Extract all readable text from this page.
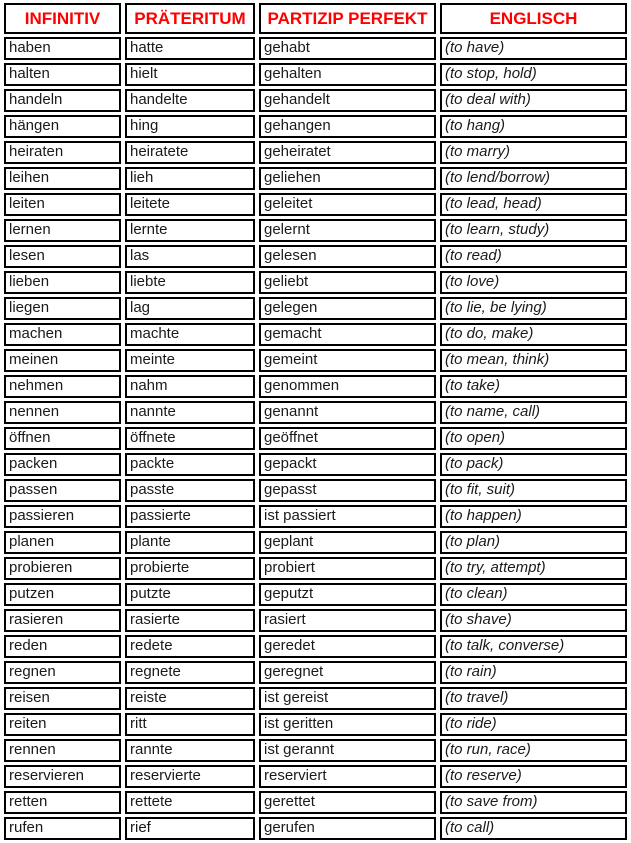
INFINITIV	PRÄTERITUM	PARTIZIP PERFEKT	ENGLISCH
haben	hatte	gehabt	(to have)
halten	hielt	gehalten	(to stop, hold)
handeln	handelte	gehandelt	(to deal with)
hängen	hing	gehangen	(to hang)
heiraten	heiratete	geheiratet	(to marry)
leihen	lieh	geliehen	(to lend/borrow)
leiten	leitete	geleitet	(to lead, head)
lernen	lernte	gelernt	(to learn, study)
lesen	las	gelesen	(to read)
lieben	liebte	geliebt	(to love)
liegen	lag	gelegen	(to lie, be lying)
machen	machte	gemacht	(to do, make)
meinen	meinte	gemeint	(to mean, think)
nehmen	nahm	genommen	(to take)
nennen	nannte	genannt	(to name, call)
öffnen	öffnete	geöffnet	(to open)
packen	packte	gepackt	(to pack)
passen	passte	gepasst	(to fit, suit)
passieren	passierte	ist passiert	(to happen)
planen	plante	geplant	(to plan)
probieren	probierte	probiert	(to try, attempt)
putzen	putzte	geputzt	(to clean)
rasieren	rasierte	rasiert	(to shave)
reden	redete	geredet	(to talk, converse)
regnen	regnete	geregnet	(to rain)
reisen	reiste	ist gereist	(to travel)
reiten	ritt	ist geritten	(to ride)
rennen	rannte	ist gerannt	(to run, race)
reservieren	reservierte	reserviert	(to reserve)
retten	rettete	gerettet	(to save from)
rufen	rief	gerufen	(to call)
